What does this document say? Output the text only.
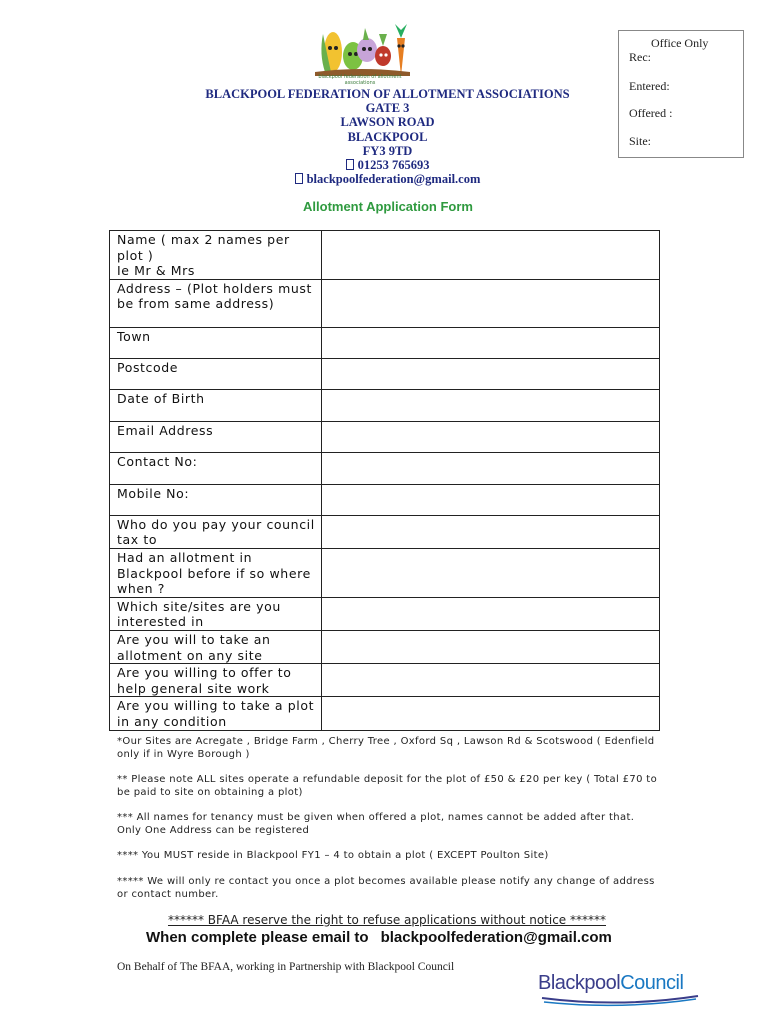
blackpool federation of allotment associations
BLACKPOOL FEDERATION OF ALLOTMENT ASSOCIATIONS
GATE 3
LAWSON ROAD
BLACKPOOL
FY3 9TD
01253 765693
blackpoolfederation@gmail.com
Office Only
Rec:
Entered:
Offered :
Site:
Allotment Application Form
Name ( max 2 names per plot )
Ie Mr & Mrs	
Address – (Plot holders must be from same address)	
Town	
Postcode	
Date of Birth	
Email Address	
Contact No:	
Mobile No:	
Who do you pay your council tax to	
Had an allotment in Blackpool before if so where when ?	
Which site/sites are you interested in	
Are you will to take an allotment on any site	
Are you willing to offer to help general site work	
Are you willing to take a plot in any condition	

*Our Sites are Acregate , Bridge Farm , Cherry Tree , Oxford Sq , Lawson Rd & Scotswood ( Edenfield only if in Wyre Borough )

** Please note ALL sites operate a refundable deposit for the plot of £50 & £20 per key ( Total £70 to be paid to site on obtaining a plot)

*** All names for tenancy must be given when offered a plot, names cannot be added after that. Only One Address can be registered

**** You MUST reside in Blackpool FY1 – 4 to obtain a plot ( EXCEPT Poulton Site)

***** We will only re contact you once a plot becomes available please notify any change of address or contact number.

****** BFAA reserve the right to refuse applications without notice ******
When complete please email to blackpoolfederation@gmail.com
On Behalf of The BFAA, working in Partnership with Blackpool Council
BlackpoolCouncil
